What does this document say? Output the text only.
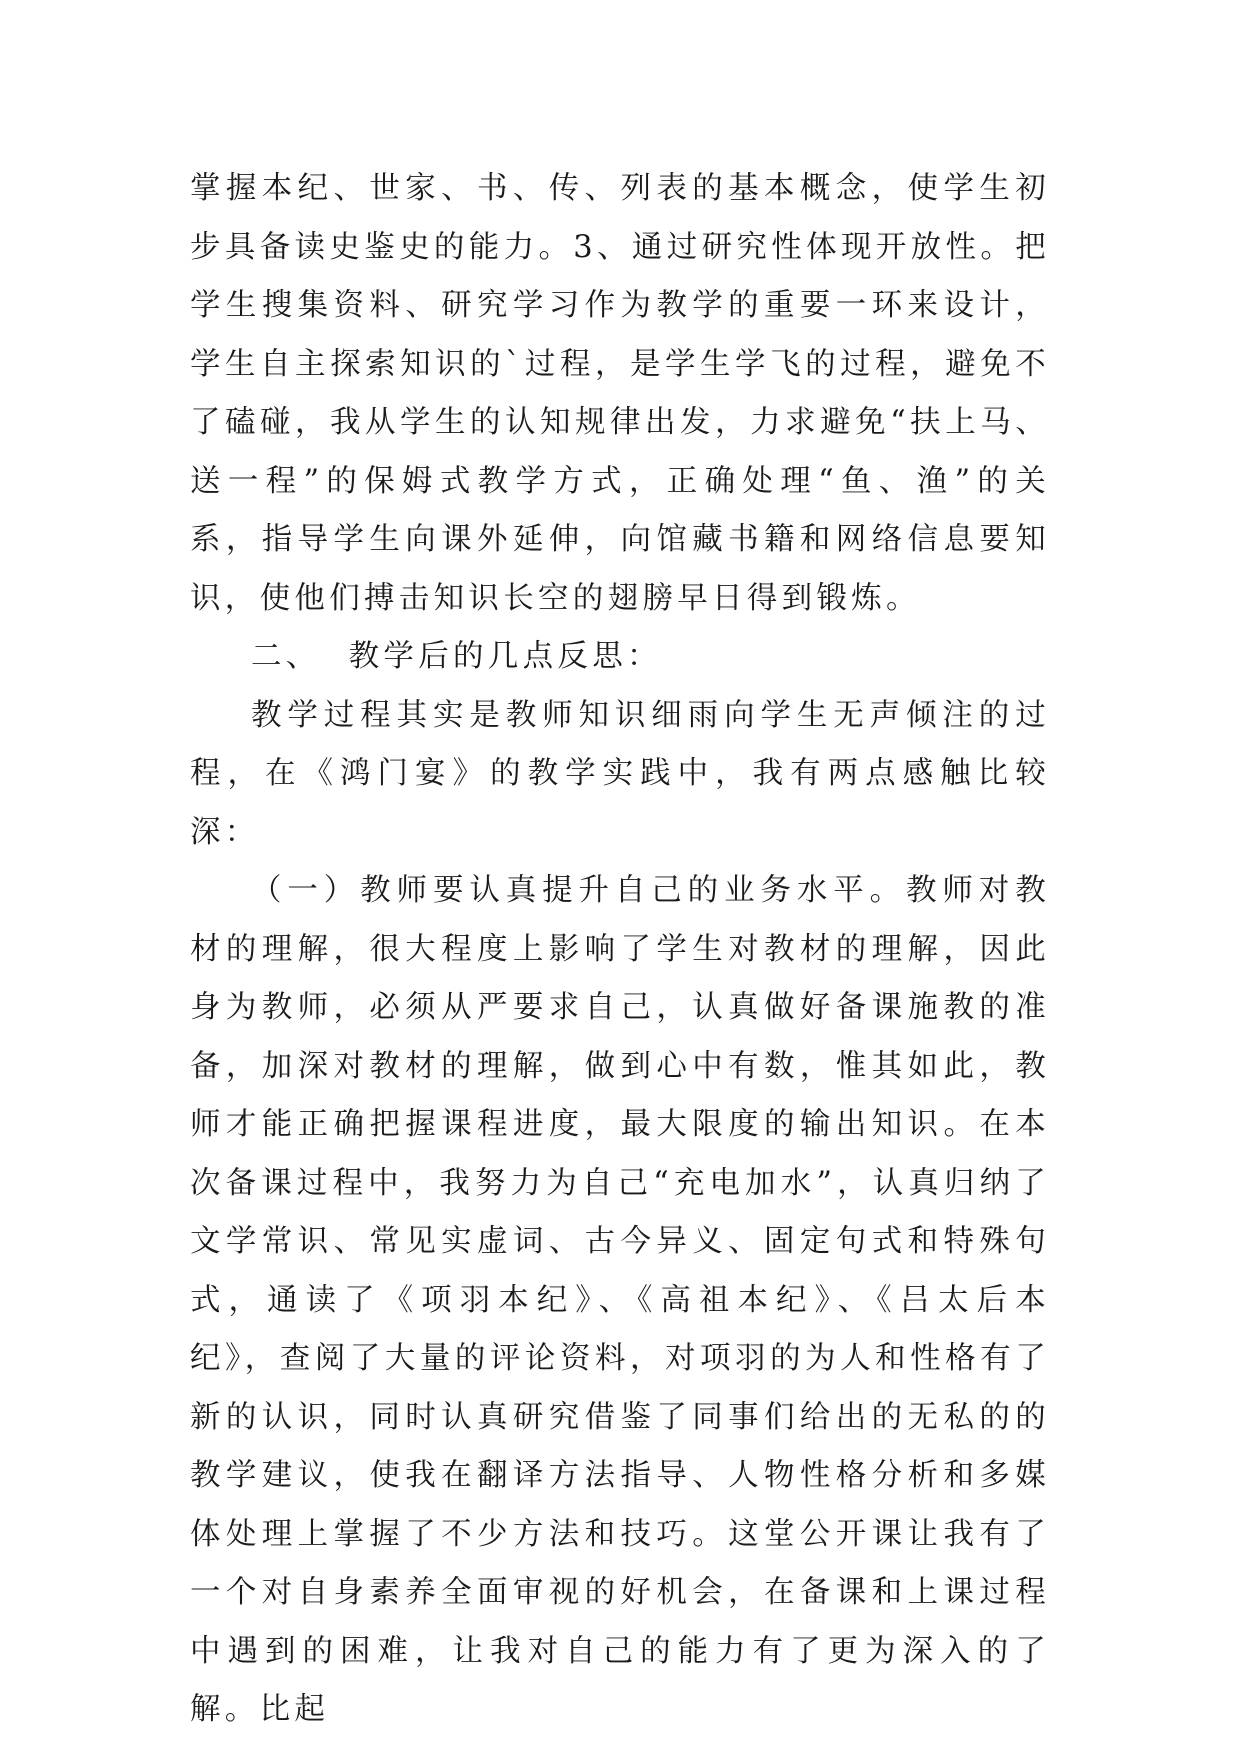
掌握本纪、世家、书、传、列表的基本概念，使学生初步具备读史鉴史的能力。3、通过研究性体现开放性。把学生搜集资料、研究学习作为教学的重要一环来设计，学生自主探索知识的`过程，是学生学飞的过程，避免不了磕碰，我从学生的认知规律出发，力求避免“扶上马、送一程”的保姆式教学方式，正确处理“鱼、渔”的关系，指导学生向课外延伸，向馆藏书籍和网络信息要知识，使他们搏击知识长空的翅膀早日得到锻炼。

二、  教学后的几点反思：

教学过程其实是教师知识细雨向学生无声倾注的过程，在《鸿门宴》的教学实践中，我有两点感触比较深：

（一）教师要认真提升自己的业务水平。教师对教材的理解，很大程度上影响了学生对教材的理解，因此身为教师，必须从严要求自己，认真做好备课施教的准备，加深对教材的理解，做到心中有数，惟其如此，教师才能正确把握课程进度，最大限度的输出知识。在本次备课过程中，我努力为自己“充电加水”，认真归纳了文学常识、常见实虚词、古今异义、固定句式和特殊句式，通读了《项羽本纪》、《高祖本纪》、《吕太后本纪》，查阅了大量的评论资料，对项羽的为人和性格有了新的认识，同时认真研究借鉴了同事们给出的无私的的教学建议，使我在翻译方法指导、人物性格分析和多媒体处理上掌握了不少方法和技巧。这堂公开课让我有了一个对自身素养全面审视的好机会，在备课和上课过程中遇到的困难，让我对自己的能力有了更为深入的了解。比起
